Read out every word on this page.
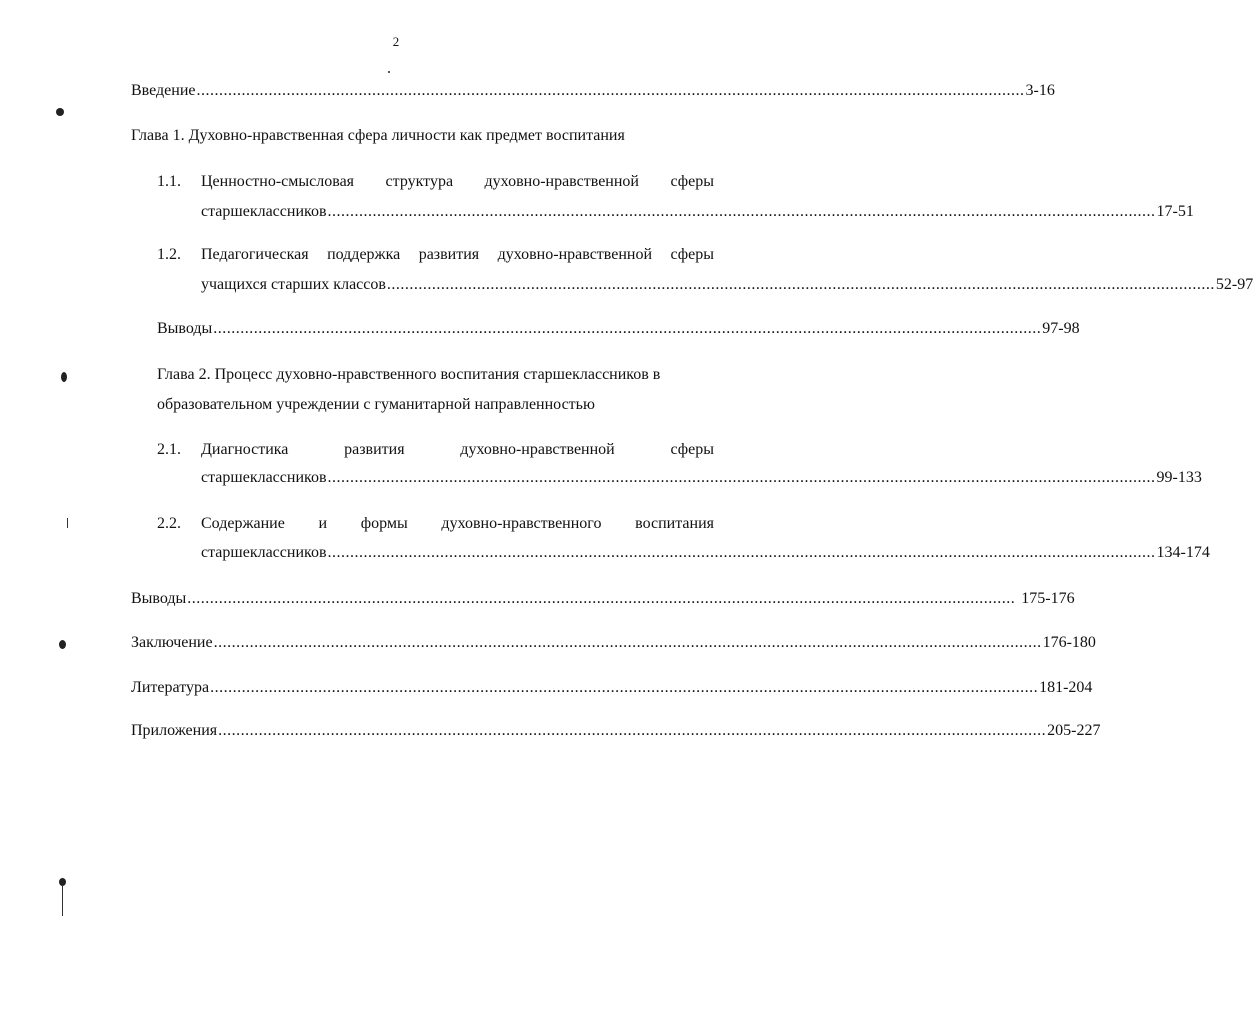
2
Введение ........................................................................................................................................................................................ 3-16
Глава 1. Духовно-нравственная сфера личности как предмет воспитания
1.1. Ценностно-смысловая структура духовно-нравственной сферы
старшеклассников ........................................................................................................................................................................................ 17-51
1.2. Педагогическая поддержка развития духовно-нравственной сферы
учащихся старших классов ........................................................................................................................................................................................ 52-97
Выводы ........................................................................................................................................................................................ 97-98
Глава 2. Процесс духовно-нравственного воспитания старшеклассников в
образовательном учреждении с гуманитарной направленностью
2.1. Диагностика развития духовно-нравственной сферы
старшеклассников ........................................................................................................................................................................................ 99-133
2.2. Содержание и формы духовно-нравственного воспитания
старшеклассников ........................................................................................................................................................................................ 134-174
Выводы ........................................................................................................................................................................................ 175-176
Заключение ........................................................................................................................................................................................ 176-180
Литература ........................................................................................................................................................................................ 181-204
Приложения ........................................................................................................................................................................................ 205-227
